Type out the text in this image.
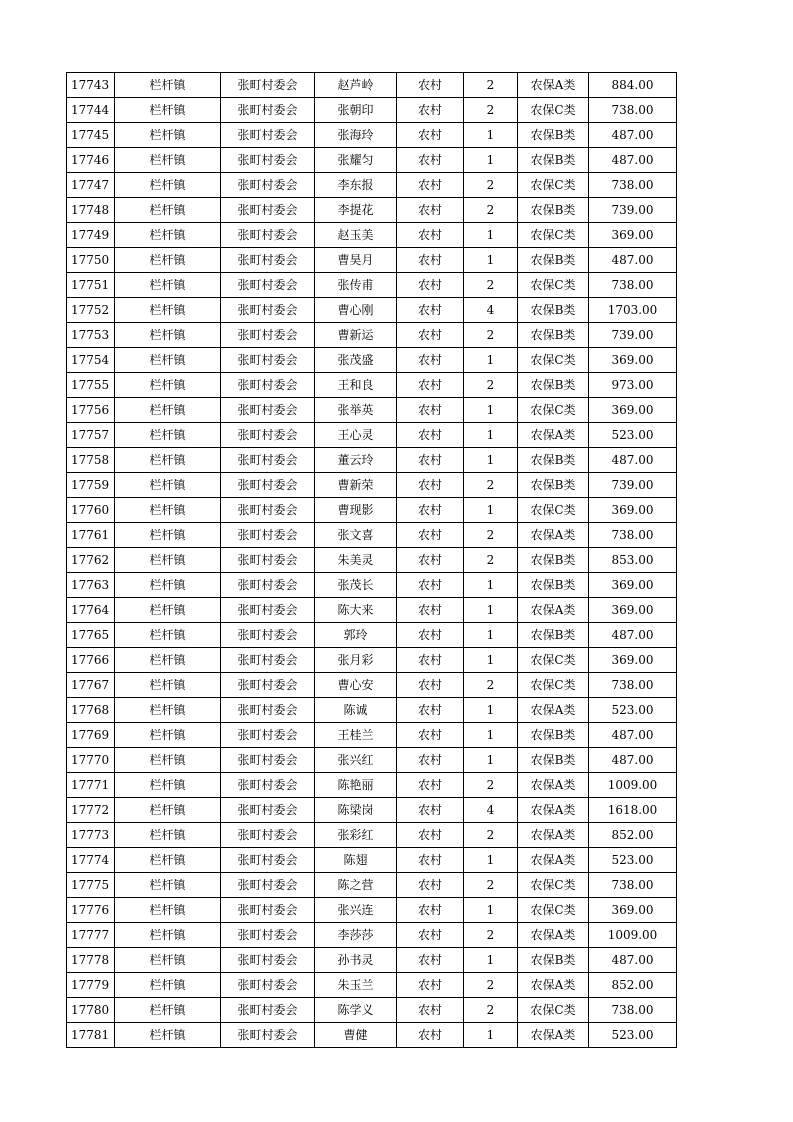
17743	栏杆镇	张町村委会	赵芦岭	农村	2	农保A类	884.00
17744	栏杆镇	张町村委会	张朝印	农村	2	农保C类	738.00
17745	栏杆镇	张町村委会	张海玲	农村	1	农保B类	487.00
17746	栏杆镇	张町村委会	张耀匀	农村	1	农保B类	487.00
17747	栏杆镇	张町村委会	李东报	农村	2	农保C类	738.00
17748	栏杆镇	张町村委会	李提花	农村	2	农保B类	739.00
17749	栏杆镇	张町村委会	赵玉美	农村	1	农保C类	369.00
17750	栏杆镇	张町村委会	曹昊月	农村	1	农保B类	487.00
17751	栏杆镇	张町村委会	张传甫	农村	2	农保C类	738.00
17752	栏杆镇	张町村委会	曹心刚	农村	4	农保B类	1703.00
17753	栏杆镇	张町村委会	曹新运	农村	2	农保B类	739.00
17754	栏杆镇	张町村委会	张茂盛	农村	1	农保C类	369.00
17755	栏杆镇	张町村委会	王和良	农村	2	农保B类	973.00
17756	栏杆镇	张町村委会	张举英	农村	1	农保C类	369.00
17757	栏杆镇	张町村委会	王心灵	农村	1	农保A类	523.00
17758	栏杆镇	张町村委会	董云玲	农村	1	农保B类	487.00
17759	栏杆镇	张町村委会	曹新荣	农村	2	农保B类	739.00
17760	栏杆镇	张町村委会	曹现影	农村	1	农保C类	369.00
17761	栏杆镇	张町村委会	张文喜	农村	2	农保A类	738.00
17762	栏杆镇	张町村委会	朱美灵	农村	2	农保B类	853.00
17763	栏杆镇	张町村委会	张茂长	农村	1	农保B类	369.00
17764	栏杆镇	张町村委会	陈大来	农村	1	农保A类	369.00
17765	栏杆镇	张町村委会	郭玲	农村	1	农保B类	487.00
17766	栏杆镇	张町村委会	张月彩	农村	1	农保C类	369.00
17767	栏杆镇	张町村委会	曹心安	农村	2	农保C类	738.00
17768	栏杆镇	张町村委会	陈诚	农村	1	农保A类	523.00
17769	栏杆镇	张町村委会	王桂兰	农村	1	农保B类	487.00
17770	栏杆镇	张町村委会	张兴红	农村	1	农保B类	487.00
17771	栏杆镇	张町村委会	陈艳丽	农村	2	农保A类	1009.00
17772	栏杆镇	张町村委会	陈梁岗	农村	4	农保A类	1618.00
17773	栏杆镇	张町村委会	张彩红	农村	2	农保A类	852.00
17774	栏杆镇	张町村委会	陈翅	农村	1	农保A类	523.00
17775	栏杆镇	张町村委会	陈之营	农村	2	农保C类	738.00
17776	栏杆镇	张町村委会	张兴连	农村	1	农保C类	369.00
17777	栏杆镇	张町村委会	李莎莎	农村	2	农保A类	1009.00
17778	栏杆镇	张町村委会	孙书灵	农村	1	农保B类	487.00
17779	栏杆镇	张町村委会	朱玉兰	农村	2	农保A类	852.00
17780	栏杆镇	张町村委会	陈学义	农村	2	农保C类	738.00
17781	栏杆镇	张町村委会	曹健	农村	1	农保A类	523.00
